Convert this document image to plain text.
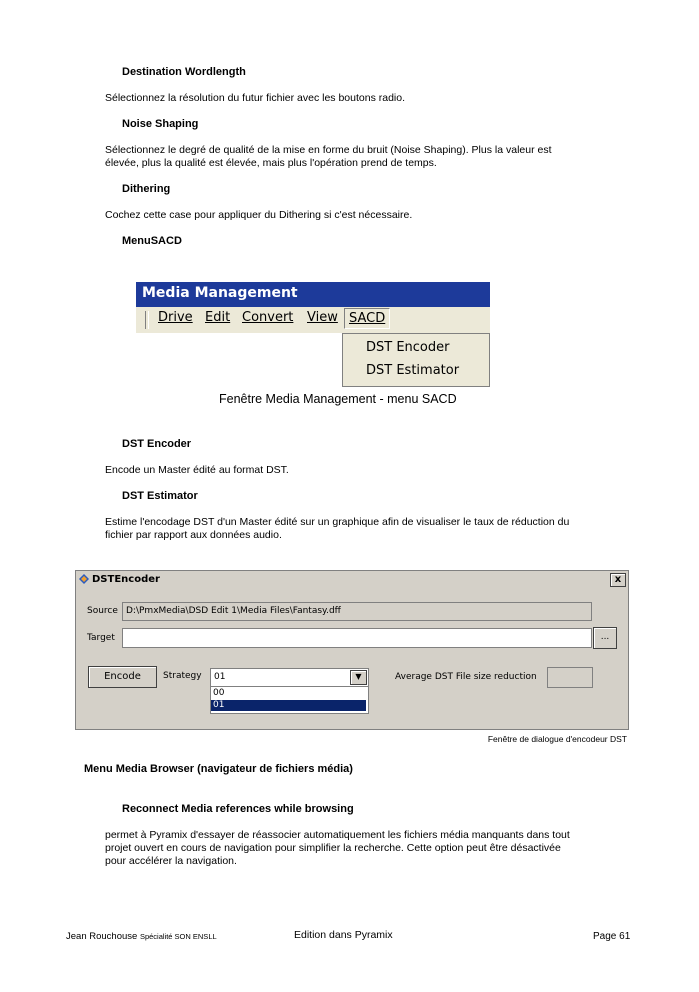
Destination Wordlength
Sélectionnez la résolution du futur fichier avec les boutons radio.
Noise Shaping
Sélectionnez le degré de qualité de la mise en forme du bruit (Noise Shaping). Plus la valeur est
élevée, plus la qualité est élevée, mais plus l'opération prend de temps.
Dithering
Cochez cette case pour appliquer du Dithering si c'est nécessaire.
MenuSACD
Media Management
Drive Edit Convert View SACD
DST Encoder
DST Estimator
Fenêtre Media Management - menu SACD
DST Encoder
Encode un Master édité au format DST.
DST Estimator
Estime l'encodage DST d'un Master édité sur un graphique afin de visualiser le taux de réduction du
fichier par rapport aux données audio.
DSTEncoder	x
Source D:\PmxMedia\DSD Edit 1\Media Files\Fantasy.dff
Target	...
Encode	Strategy 01	▼
00
01
Average DST File size reduction
Fenêtre de dialogue d'encodeur DST
Menu Media Browser (navigateur de fichiers média)
Reconnect Media references while browsing
permet à Pyramix d'essayer de réassocier automatiquement les fichiers média manquants dans tout
projet ouvert en cours de navigation pour simplifier la recherche. Cette option peut être désactivée
pour accélérer la navigation.
Jean Rouchouse Spécialité SON ENSLL	Edition dans Pyramix	Page 61
